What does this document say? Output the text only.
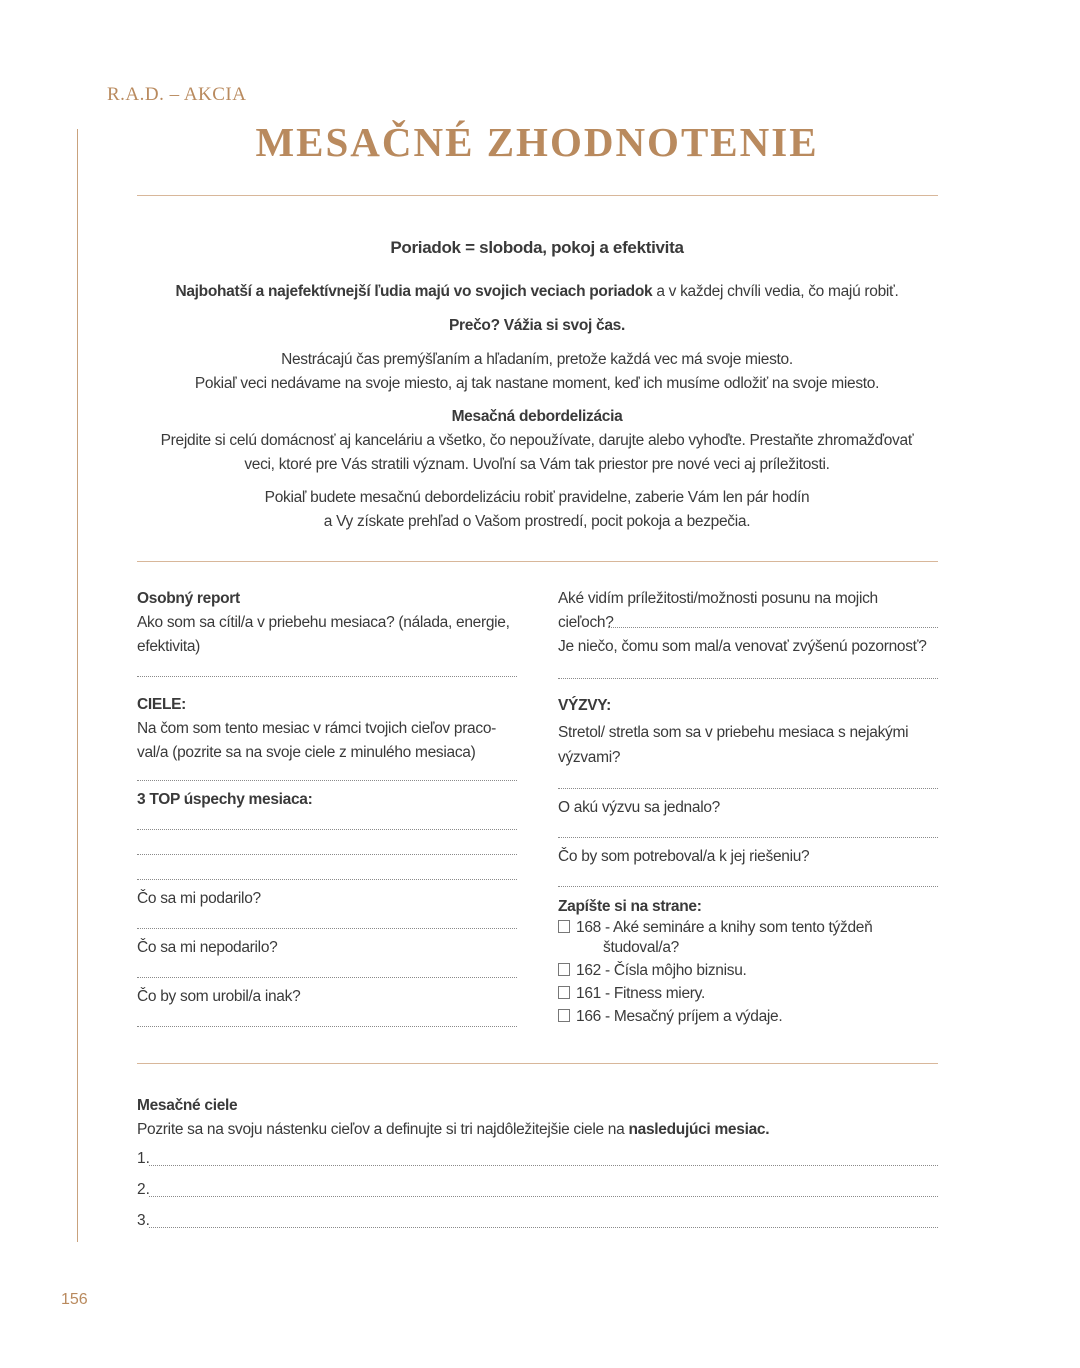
R.A.D. – AKCIA
MESAČNÉ ZHODNOTENIE
Poriadok = sloboda, pokoj a efektivita
Najbohatší a najefektívnejší ľudia majú vo svojich veciach poriadok a v každej chvíli vedia, čo majú robiť.
Prečo? Vážia si svoj čas.
Nestrácajú čas premýšľaním a hľadaním, pretože každá vec má svoje miesto.
Pokiaľ veci nedávame na svoje miesto, aj tak nastane moment, keď ich musíme odložiť na svoje miesto.
Mesačná debordelizácia
Prejdite si celú domácnosť aj kanceláriu a všetko, čo nepoužívate, darujte alebo vyhoďte. Prestaňte zhromažďovať
veci, ktoré pre Vás stratili význam. Uvoľní sa Vám tak priestor pre nové veci aj príležitosti.
Pokiaľ budete mesačnú debordelizáciu robiť pravidelne, zaberie Vám len pár hodín
a Vy získate prehľad o Vašom prostredí, pocit pokoja a bezpečia.
Osobný report
Ako som sa cítil/a v priebehu mesiaca? (nálada, energie,
efektivita)
CIELE:
Na čom som tento mesiac v rámci tvojich cieľov praco-
val/a (pozrite sa na svoje ciele z minulého mesiaca)
3 TOP úspechy mesiaca:
Čo sa mi podarilo?
Čo sa mi nepodarilo?
Čo by som urobil/a inak?
Aké vidím príležitosti/možnosti posunu na mojich
cieľoch?
Je niečo, čomu som mal/a venovať zvýšenú pozornosť?
VÝZVY:
Stretol/ stretla som sa v priebehu mesiaca s nejakými
výzvami?
O akú výzvu sa jednalo?
Čo by som potreboval/a k jej riešeniu?
Zapíšte si na strane:
168 - Aké semináre a knihy som tento týždeň
študoval/a?
162 - Čísla môjho biznisu.
161 - Fitness miery.
166 - Mesačný príjem a výdaje.
Mesačné ciele
Pozrite sa na svoju nástenku cieľov a definujte si tri najdôležitejšie ciele na nasledujúci mesiac.
1.
2.
3.
156
